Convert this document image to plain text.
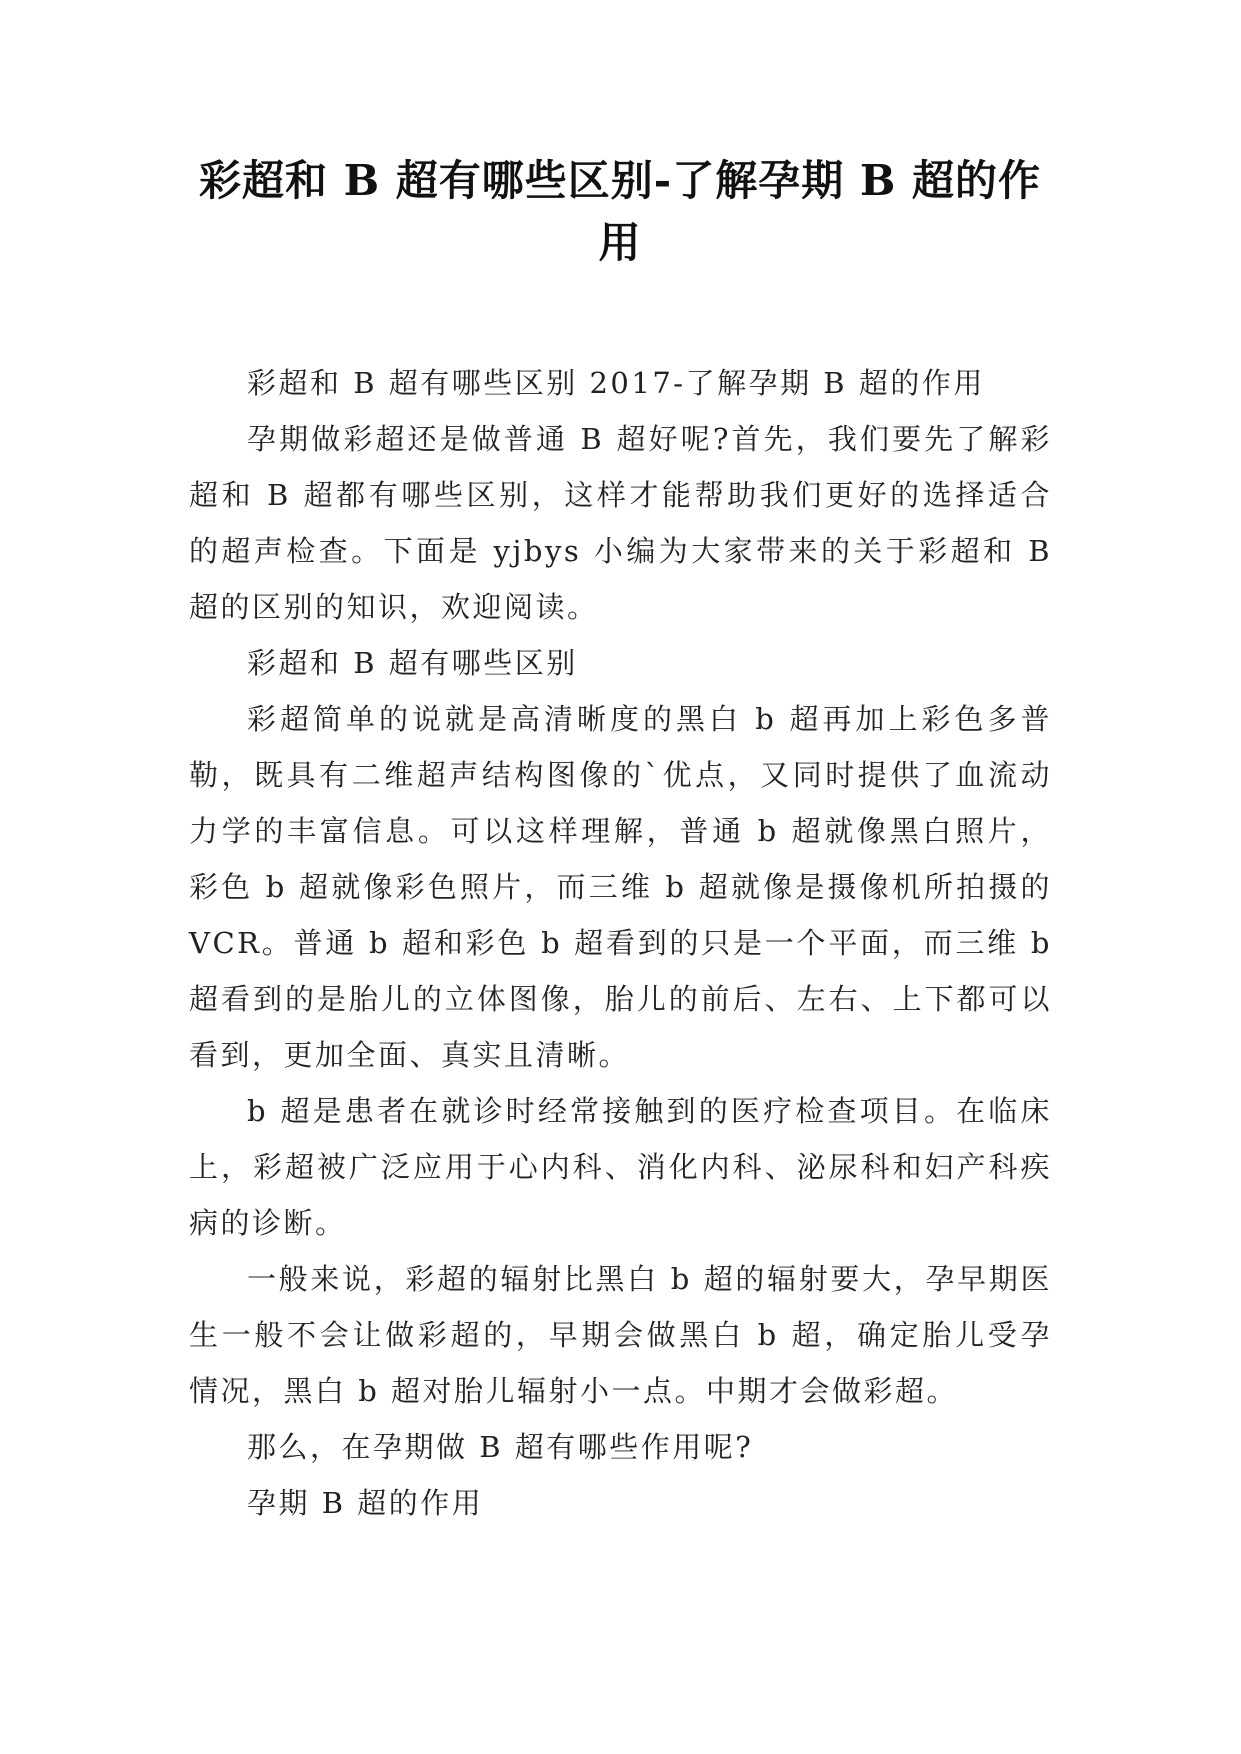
彩超和 B 超有哪些区别-了解孕期 B 超的作用

彩超和 B 超有哪些区别 2017-了解孕期 B 超的作用

孕期做彩超还是做普通 B 超好呢?首先，我们要先了解彩超和 B 超都有哪些区别，这样才能帮助我们更好的选择适合的超声检查。下面是 yjbys 小编为大家带来的关于彩超和 B 超的区别的知识，欢迎阅读。

彩超和 B 超有哪些区别

彩超简单的说就是高清晰度的黑白 b 超再加上彩色多普勒，既具有二维超声结构图像的`优点，又同时提供了血流动力学的丰富信息。可以这样理解，普通 b 超就像黑白照片，彩色 b 超就像彩色照片，而三维 b 超就像是摄像机所拍摄的 VCR。普通 b 超和彩色 b 超看到的只是一个平面，而三维 b 超看到的是胎儿的立体图像，胎儿的前后、左右、上下都可以看到，更加全面、真实且清晰。

b 超是患者在就诊时经常接触到的医疗检查项目。在临床上，彩超被广泛应用于心内科、消化内科、泌尿科和妇产科疾病的诊断。

一般来说，彩超的辐射比黑白 b 超的辐射要大，孕早期医生一般不会让做彩超的，早期会做黑白 b 超，确定胎儿受孕情况，黑白 b 超对胎儿辐射小一点。中期才会做彩超。

那么，在孕期做 B 超有哪些作用呢?

孕期 B 超的作用
